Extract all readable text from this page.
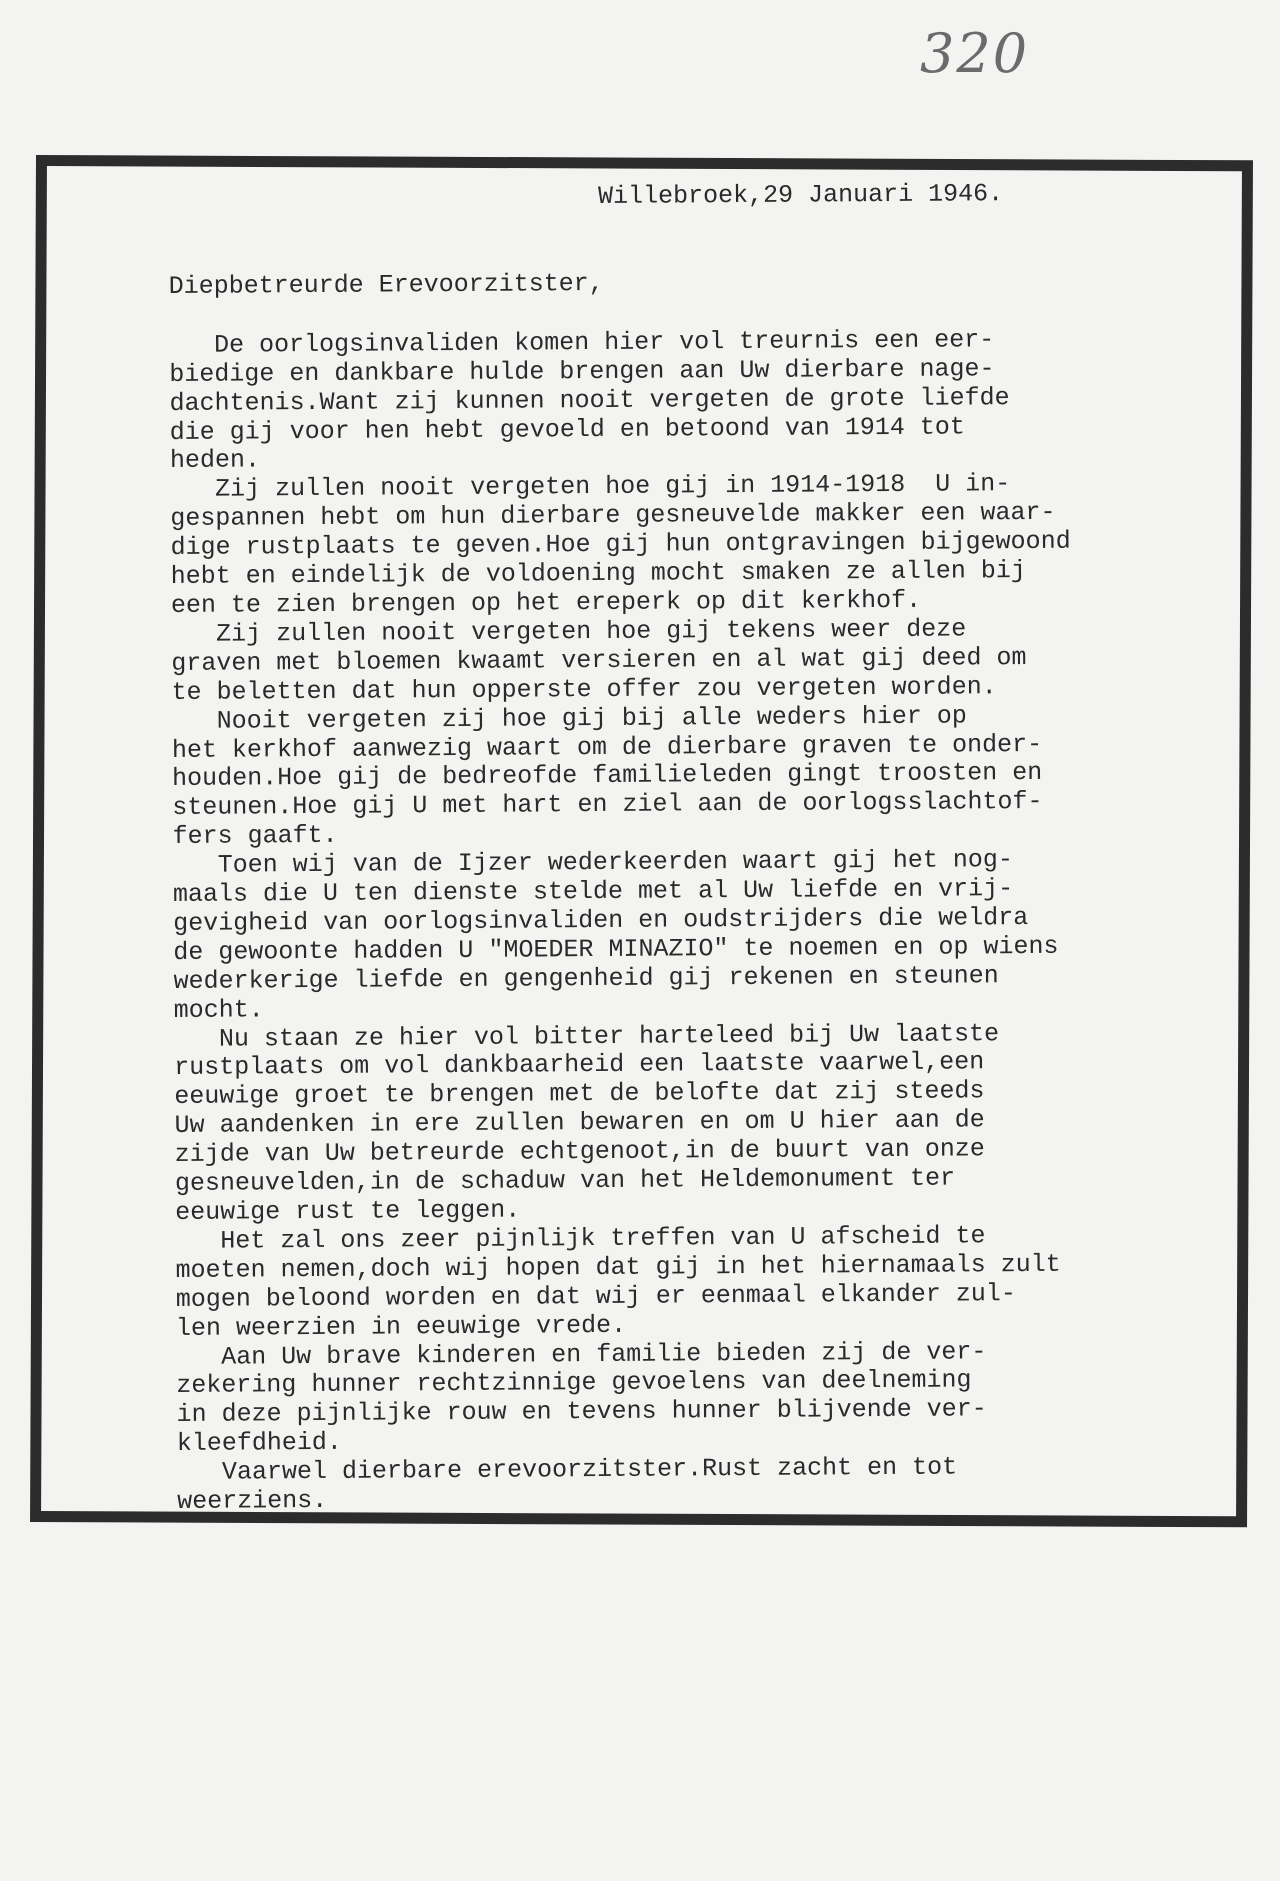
320
Willebroek,29 Januari 1946.
Diepbetreurde Erevoorzitster,
De oorlogsinvaliden komen hier vol treurnis een eer-
biedige en dankbare hulde brengen aan Uw dierbare nage-
dachtenis.Want zij kunnen nooit vergeten de grote liefde
die gij voor hen hebt gevoeld en betoond van 1914 tot
heden.
Zij zullen nooit vergeten hoe gij in 1914-1918  U in-
gespannen hebt om hun dierbare gesneuvelde makker een waar-
dige rustplaats te geven.Hoe gij hun ontgravingen bijgewoond
hebt en eindelijk de voldoening mocht smaken ze allen bij
een te zien brengen op het ereperk op dit kerkhof.
Zij zullen nooit vergeten hoe gij tekens weer deze
graven met bloemen kwaamt versieren en al wat gij deed om
te beletten dat hun opperste offer zou vergeten worden.
Nooit vergeten zij hoe gij bij alle weders hier op
het kerkhof aanwezig waart om de dierbare graven te onder-
houden.Hoe gij de bedreofde familieleden gingt troosten en
steunen.Hoe gij U met hart en ziel aan de oorlogsslachtof-
fers gaaft.
Toen wij van de Ijzer wederkeerden waart gij het nog-
maals die U ten dienste stelde met al Uw liefde en vrij-
gevigheid van oorlogsinvaliden en oudstrijders die weldra
de gewoonte hadden U "MOEDER MINAZIO" te noemen en op wiens
wederkerige liefde en gengenheid gij rekenen en steunen
mocht.
Nu staan ze hier vol bitter harteleed bij Uw laatste
rustplaats om vol dankbaarheid een laatste vaarwel,een
eeuwige groet te brengen met de belofte dat zij steeds
Uw aandenken in ere zullen bewaren en om U hier aan de
zijde van Uw betreurde echtgenoot,in de buurt van onze
gesneuvelden,in de schaduw van het Heldemonument ter
eeuwige rust te leggen.
Het zal ons zeer pijnlijk treffen van U afscheid te
moeten nemen,doch wij hopen dat gij in het hiernamaals zult
mogen beloond worden en dat wij er eenmaal elkander zul-
len weerzien in eeuwige vrede.
Aan Uw brave kinderen en familie bieden zij de ver-
zekering hunner rechtzinnige gevoelens van deelneming
in deze pijnlijke rouw en tevens hunner blijvende ver-
kleefdheid.
Vaarwel dierbare erevoorzitster.Rust zacht en tot
weerziens.
